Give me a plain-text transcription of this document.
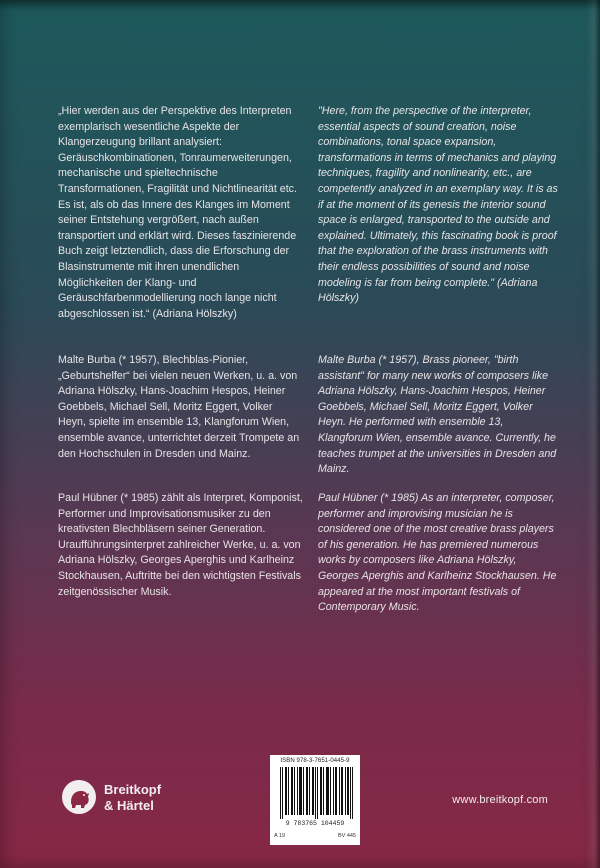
„Hier werden aus der Perspektive des Interpreten exemplarisch wesentliche Aspekte der Klangerzeugung brillant analysiert: Geräuschkombinationen, Tonraumerweiterungen, mechanische und spieltechnische Transformationen, Fragilität und Nichtlinearität etc. Es ist, als ob das Innere des Klanges im Moment seiner Entstehung vergrößert, nach außen transportiert und erklärt wird. Dieses faszinierende Buch zeigt letztendlich, dass die Erforschung der Blasinstrumente mit ihren unendlichen Möglichkeiten der Klang- und Geräuschfarbenmodellierung noch lange nicht abgeschlossen ist.“ (Adriana Hölszky)

"Here, from the perspective of the interpreter, essential aspects of sound creation, noise combinations, tonal space expansion, transformations in terms of mechanics and playing techniques, fragility and nonlinearity, etc., are competently analyzed in an exemplary way. It is as if at the moment of its genesis the interior sound space is enlarged, transported to the outside and explained. Ultimately, this fascinating book is proof that the exploration of the brass instruments with their endless possibilities of sound and noise modeling is far from being complete." (Adriana Hölszky)

Malte Burba (* 1957), Blechblas-Pionier, „Geburtshelfer“ bei vielen neuen Werken, u. a. von Adriana Hölszky, Hans-Joachim Hespos, Heiner Goebbels, Michael Sell, Moritz Eggert, Volker Heyn, spielte im ensemble 13, Klangforum Wien, ensemble avance, unterrichtet derzeit Trompete an den Hochschulen in Dresden und Mainz.

Malte Burba (* 1957), Brass pioneer, "birth assistant" for many new works of composers like Adriana Hölszky, Hans-Joachim Hespos, Heiner Goebbels, Michael Sell, Moritz Eggert, Volker Heyn. He performed with ensemble 13, Klangforum Wien, ensemble avance. Currently, he teaches trumpet at the universities in Dresden and Mainz.

Paul Hübner (* 1985) zählt als Interpret, Komponist, Performer und Improvisationsmusiker zu den kreativsten Blechbläsern seiner Generation. Uraufführungsinterpret zahlreicher Werke, u. a. von Adriana Hölszky, Georges Aperghis und Karlheinz Stockhausen, Auftritte bei den wichtigsten Festivals zeitgenössischer Musik.

Paul Hübner (* 1985) As an interpreter, composer, performer and improvising musician he is considered one of the most creative brass players of his generation. He has premiered numerous works by composers like Adriana Hölszky, Georges Aperghis and Karlheinz Stockhausen. He appeared at the most important festivals of Contemporary Music.

Breitkopf
& Härtel
ISBN 978-3-7651-0445-9
9 783765 104459
A 19	BV 445
www.breitkopf.com
